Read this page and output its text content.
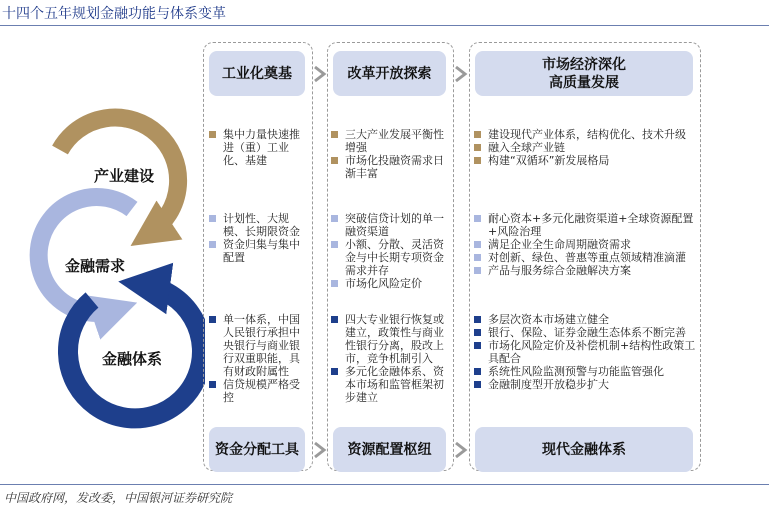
十四个五年规划金融功能与体系变革
产业建设
金融需求
金融体系
工业化奠基
集中力量快速推进（重）工业化、基建
计划性、大规模、长期限资金
资金归集与集中配置
单一体系，中国人民银行承担中央银行与商业银行双重职能，具有财政附属性
信贷规模严格受控
资金分配工具
改革开放探索
三大产业发展平衡性增强
市场化投融资需求日渐丰富
突破信贷计划的单一融资渠道
小额、分散、灵活资金与中长期专项资金需求并存
市场化风险定价
四大专业银行恢复或建立，政策性与商业性银行分离，股改上市，竞争机制引入
多元化金融体系、资本市场和监管框架初步建立
资源配置枢纽
市场经济深化
高质量发展
建设现代产业体系，结构优化、技术升级
融入全球产业链
构建“双循环”新发展格局
耐心资本+多元化融资渠道+全球资源配置+风险治理
满足企业全生命周期融资需求
对创新、绿色、普惠等重点领域精准滴灌
产品与服务综合金融解决方案
多层次资本市场建立健全
银行、保险、证券金融生态体系不断完善
市场化风险定价及补偿机制+结构性政策工具配合
系统性风险监测预警与功能监管强化
金融制度型开放稳步扩大
现代金融体系
中国政府网，发改委，中国银河证券研究院
